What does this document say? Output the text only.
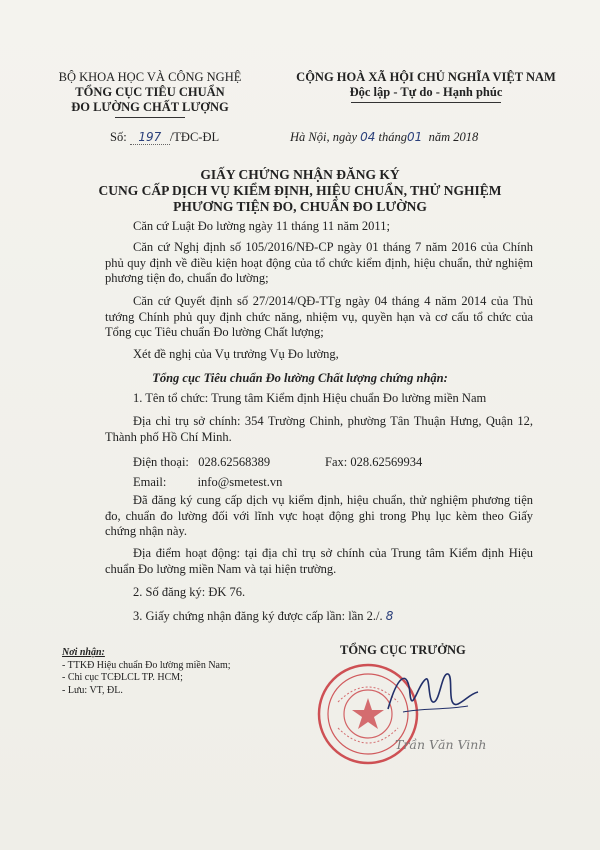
BỘ KHOA HỌC VÀ CÔNG NGHỆ
TỔNG CỤC TIÊU CHUẨN
ĐO LƯỜNG CHẤT LƯỢNG
CỘNG HOÀ XÃ HỘI CHỦ NGHĨA VIỆT NAM
Độc lập - Tự do - Hạnh phúc
Số: 197 /TĐC-ĐL	Hà Nội, ngày 04 tháng01 năm 2018
GIẤY CHỨNG NHẬN ĐĂNG KÝ
CUNG CẤP DỊCH VỤ KIỂM ĐỊNH, HIỆU CHUẨN, THỬ NGHIỆM
PHƯƠNG TIỆN ĐO, CHUẨN ĐO LƯỜNG
Căn cứ Luật Đo lường ngày 11 tháng 11 năm 2011;
Căn cứ Nghị định số 105/2016/NĐ-CP ngày 01 tháng 7 năm 2016 của Chính phủ quy định về điều kiện hoạt động của tổ chức kiểm định, hiệu chuẩn, thử nghiệm phương tiện đo, chuẩn đo lường;
Căn cứ Quyết định số 27/2014/QĐ-TTg ngày 04 tháng 4 năm 2014 của Thủ tướng Chính phủ quy định chức năng, nhiệm vụ, quyền hạn và cơ cấu tổ chức của Tổng cục Tiêu chuẩn Đo lường Chất lượng;
Xét đề nghị của Vụ trưởng Vụ Đo lường,
Tổng cục Tiêu chuẩn Đo lường Chất lượng chứng nhận:
1. Tên tổ chức: Trung tâm Kiểm định Hiệu chuẩn Đo lường miền Nam
Địa chỉ trụ sở chính: 354 Trường Chinh, phường Tân Thuận Hưng, Quận 12, Thành phố Hồ Chí Minh.
Điện thoại: 028.62568389	Fax: 028.62569934
Email:	info@smetest.vn
Đã đăng ký cung cấp dịch vụ kiểm định, hiệu chuẩn, thử nghiệm phương tiện đo, chuẩn đo lường đối với lĩnh vực hoạt động ghi trong Phụ lục kèm theo Giấy chứng nhận này.
Địa điểm hoạt động: tại địa chỉ trụ sở chính của Trung tâm Kiểm định Hiệu chuẩn Đo lường miền Nam và tại hiện trường.
2. Số đăng ký: ĐK 76.
3. Giấy chứng nhận đăng ký được cấp lần: lần 2./. 8
TỔNG CỤC TRƯỞNG
Nơi nhận:
- TTKĐ Hiệu chuẩn Đo lường miền Nam;
- Chi cục TCĐLCL TP. HCM;
- Lưu: VT, ĐL.
Trần Văn Vinh
